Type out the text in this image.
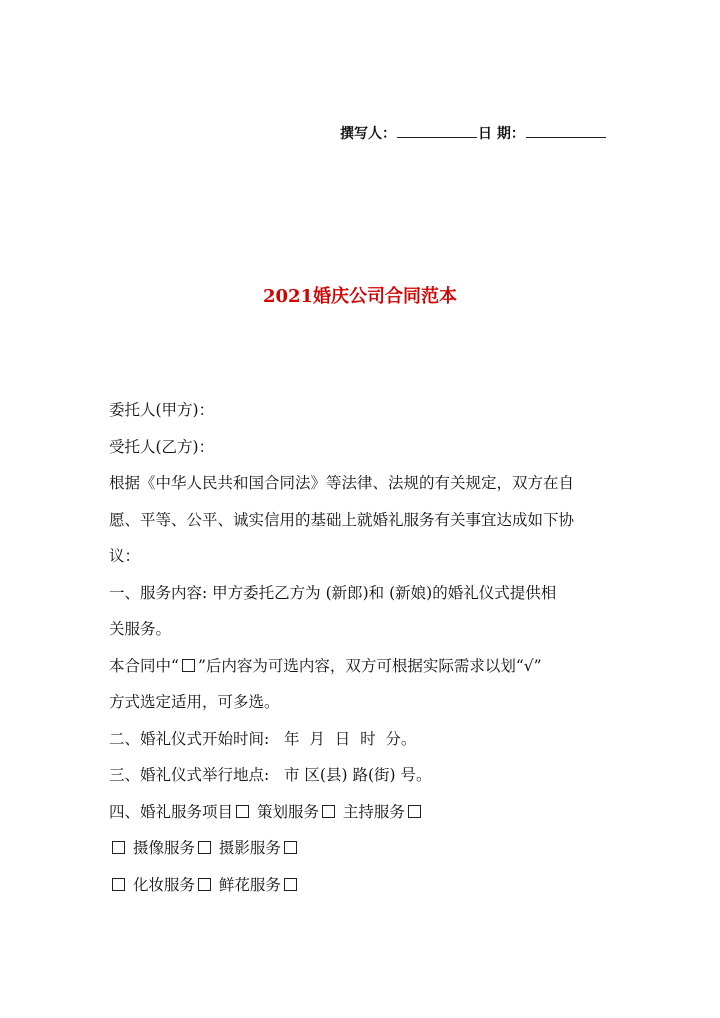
撰写人：	日 期：
2021婚庆公司合同范本

委托人(甲方)：

受托人(乙方)：

根据《中华人民共和国合同法》等法律、法规的有关规定，双方在自

愿、平等、公平、诚实信用的基础上就婚礼服务有关事宜达成如下协

议：

一、服务内容: 甲方委托乙方为 (新郎)和 (新娘)的婚礼仪式提供相

关服务。

本合同中“ ”后内容为可选内容，双方可根据实际需求以划“√”

方式选定适用，可多选。

二、婚礼仪式开始时间:   年  月  日  时  分。

三、婚礼仪式举行地点:   市 区(县) 路(街) 号。

四、婚礼服务项目 策划服务 主持服务

摄像服务 摄影服务

化妆服务 鲜花服务
